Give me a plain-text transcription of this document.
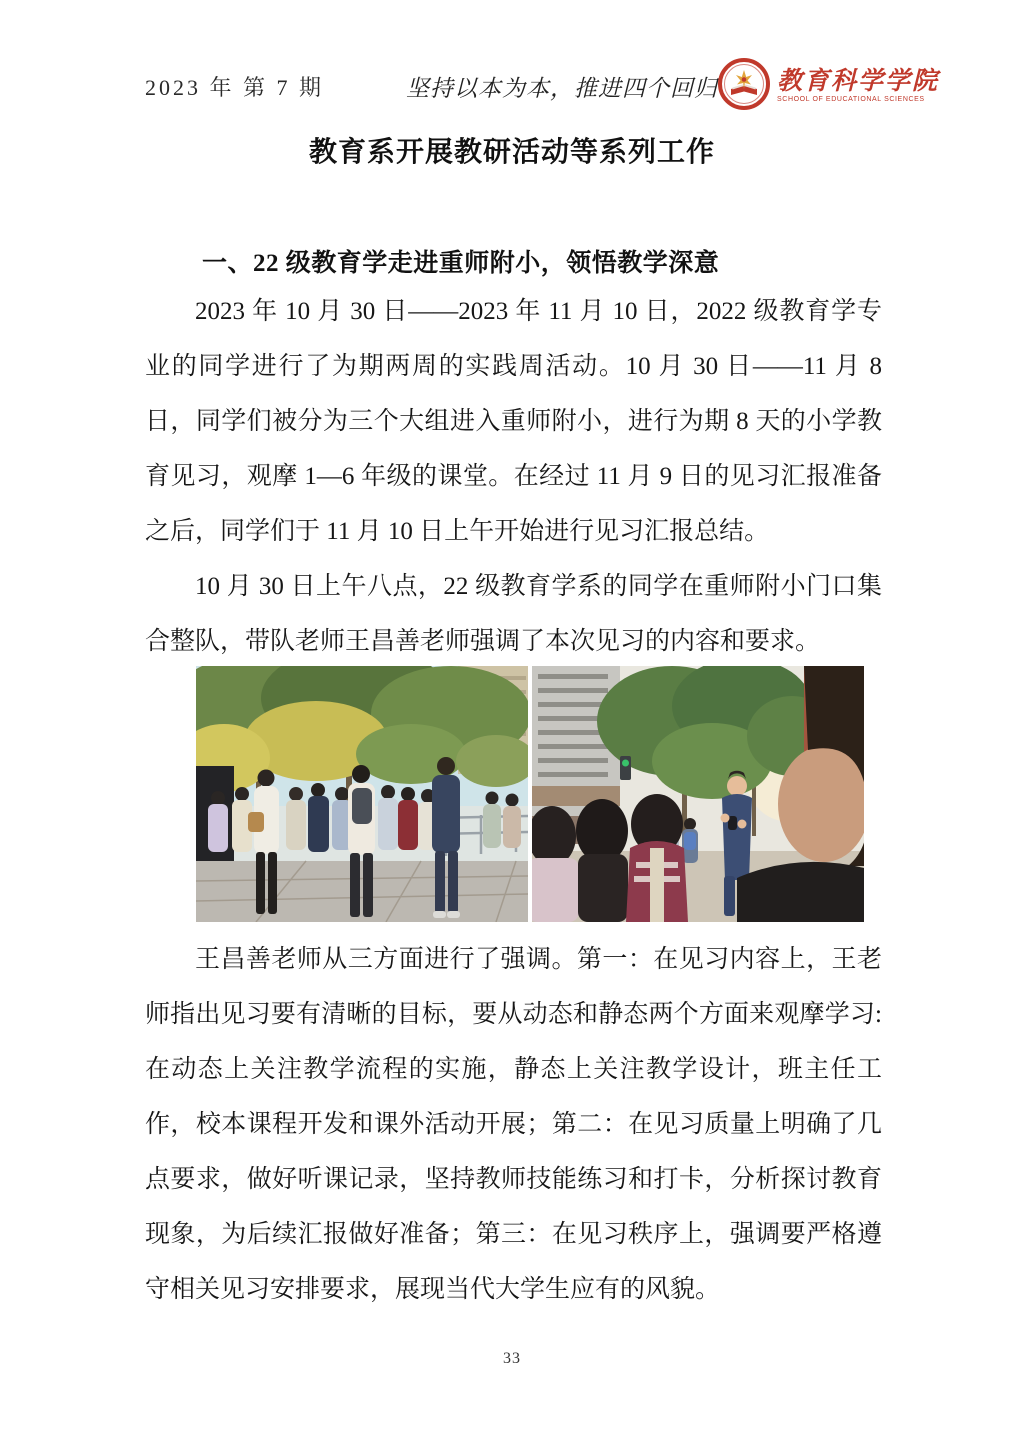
2023 年 第 7 期	坚持以本为本，推进四个回归 教育科学学院
SCHOOL OF EDUCATIONAL SCIENCES
教育系开展教研活动等系列工作
一、22 级教育学走进重师附小，领悟教学深意

2023 年 10 月 30 日——2023 年 11 月 10 日，2022 级教育学专业的同学进行了为期两周的实践周活动。10 月 30 日——11 月 8 日，同学们被分为三个大组进入重师附小，进行为期 8 天的小学教育见习，观摩 1—6 年级的课堂。在经过 11 月 9 日的见习汇报准备之后，同学们于 11 月 10 日上午开始进行见习汇报总结。

10 月 30 日上午八点，22 级教育学系的同学在重师附小门口集合整队，带队老师王昌善老师强调了本次见习的内容和要求。

王昌善老师从三方面进行了强调。第一：在见习内容上，王老师指出见习要有清晰的目标，要从动态和静态两个方面来观摩学习:在动态上关注教学流程的实施，静态上关注教学设计，班主任工作，校本课程开发和课外活动开展；第二：在见习质量上明确了几点要求，做好听课记录，坚持教师技能练习和打卡，分析探讨教育现象，为后续汇报做好准备；第三：在见习秩序上，强调要严格遵守相关见习安排要求，展现当代大学生应有的风貌。

33
